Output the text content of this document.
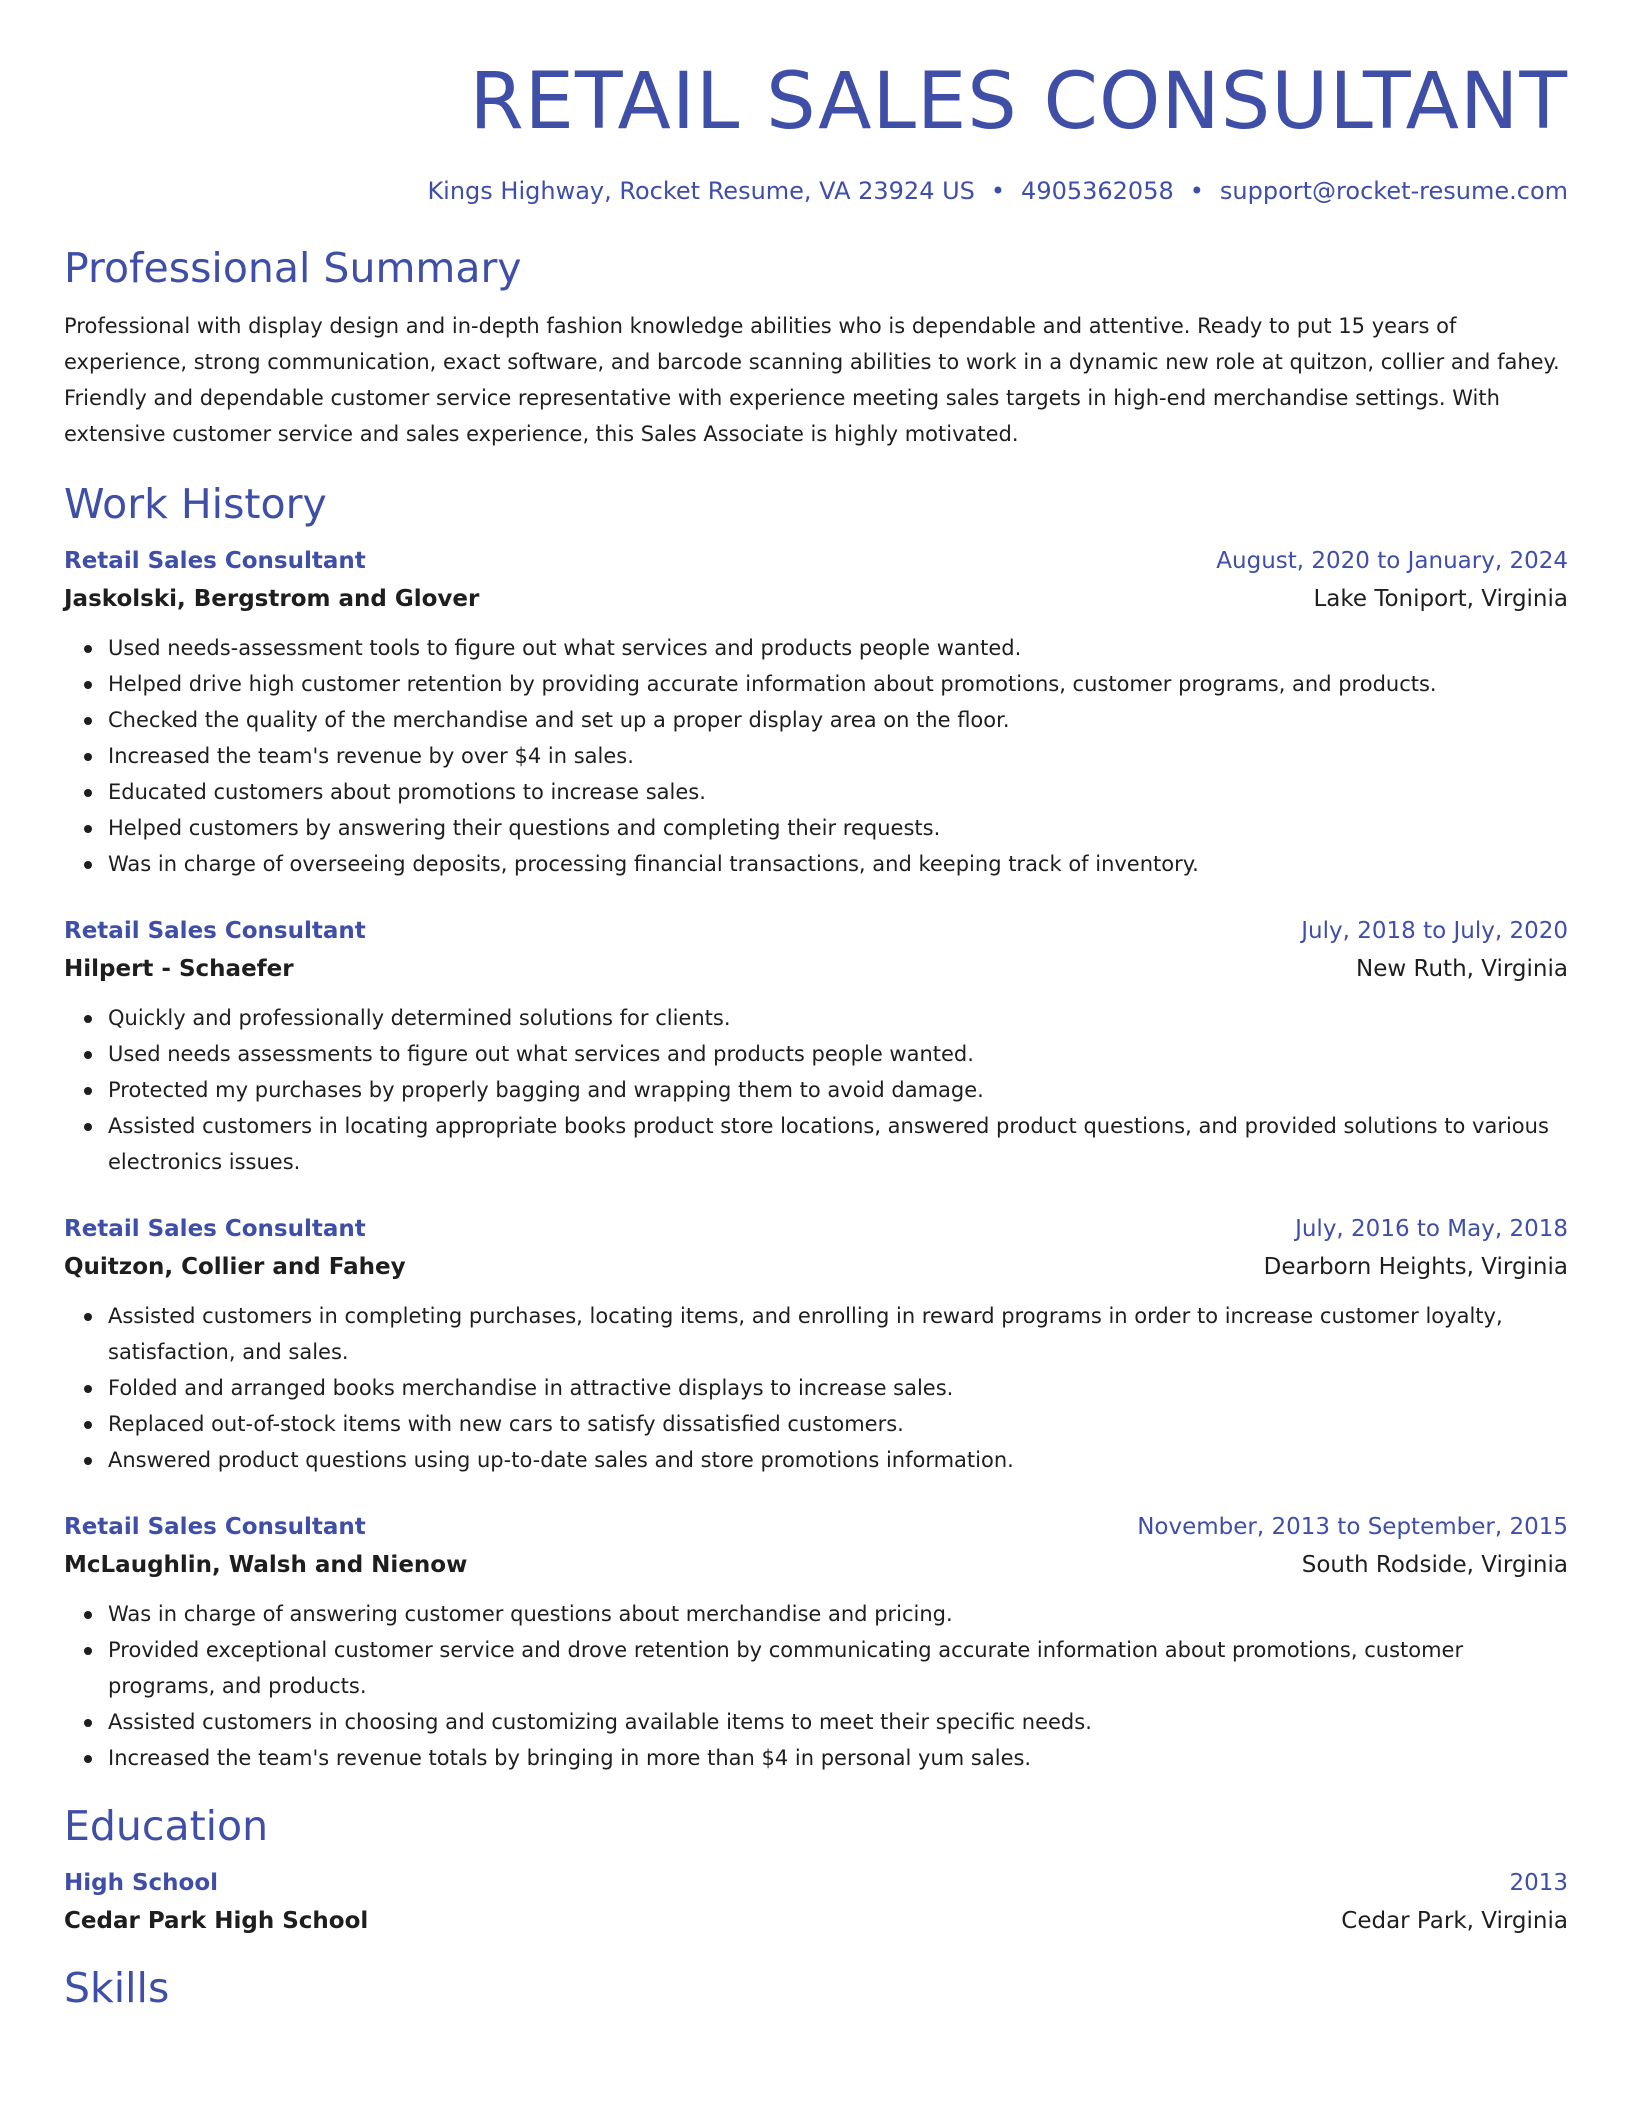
RETAIL SALES CONSULTANT
Kings Highway, Rocket Resume, VA 23924 US • 4905362058 • support@rocket-resume.com
Professional Summary
Professional with display design and in-depth fashion knowledge abilities who is dependable and attentive. Ready to put 15 years of experience, strong communication, exact software, and barcode scanning abilities to work in a dynamic new role at quitzon, collier and fahey. Friendly and dependable customer service representative with experience meeting sales targets in high-end merchandise settings. With extensive customer service and sales experience, this Sales Associate is highly motivated.
Work History
Retail Sales Consultant	August, 2020 to January, 2024
Jaskolski, Bergstrom and Glover	Lake Toniport, Virginia
Used needs-assessment tools to figure out what services and products people wanted.
Helped drive high customer retention by providing accurate information about promotions, customer programs, and products.
Checked the quality of the merchandise and set up a proper display area on the floor.
Increased the team's revenue by over $4 in sales.
Educated customers about promotions to increase sales.
Helped customers by answering their questions and completing their requests.
Was in charge of overseeing deposits, processing financial transactions, and keeping track of inventory.
Retail Sales Consultant	July, 2018 to July, 2020
Hilpert - Schaefer	New Ruth, Virginia
Quickly and professionally determined solutions for clients.
Used needs assessments to figure out what services and products people wanted.
Protected my purchases by properly bagging and wrapping them to avoid damage.
Assisted customers in locating appropriate books product store locations, answered product questions, and provided solutions to various electronics issues.
Retail Sales Consultant	July, 2016 to May, 2018
Quitzon, Collier and Fahey	Dearborn Heights, Virginia
Assisted customers in completing purchases, locating items, and enrolling in reward programs in order to increase customer loyalty, satisfaction, and sales.
Folded and arranged books merchandise in attractive displays to increase sales.
Replaced out-of-stock items with new cars to satisfy dissatisfied customers.
Answered product questions using up-to-date sales and store promotions information.
Retail Sales Consultant	November, 2013 to September, 2015
McLaughlin, Walsh and Nienow	South Rodside, Virginia
Was in charge of answering customer questions about merchandise and pricing.
Provided exceptional customer service and drove retention by communicating accurate information about promotions, customer programs, and products.
Assisted customers in choosing and customizing available items to meet their specific needs.
Increased the team's revenue totals by bringing in more than $4 in personal yum sales.
Education
High School	2013
Cedar Park High School	Cedar Park, Virginia
Skills
